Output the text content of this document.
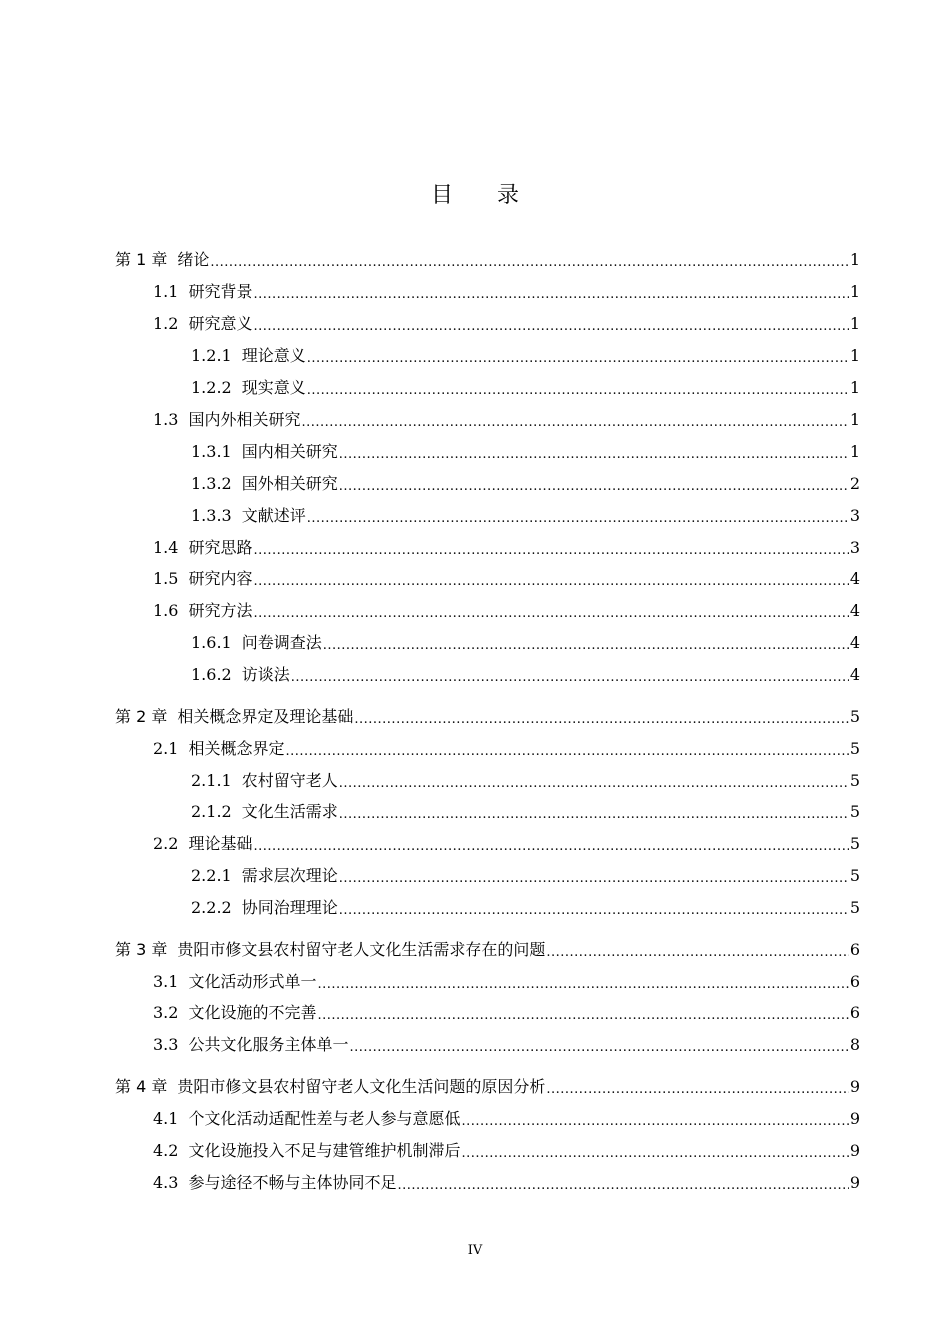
目录
第 1 章 绪论 .....	1
1.1 研究背景 .....	1
1.2 研究意义 .....	1
1.2.1 理论意义 .....	1
1.2.2 现实意义 .....	1
1.3 国内外相关研究 .....	1
1.3.1 国内相关研究 .....	1
1.3.2 国外相关研究 .....	2
1.3.3 文献述评 .....	3
1.4 研究思路 .....	3
1.5 研究内容 .....	4
1.6 研究方法 .....	4
1.6.1 问卷调查法 .....	4
1.6.2 访谈法 .....	4
第 2 章 相关概念界定及理论基础 .....	5
2.1 相关概念界定 .....	5
2.1.1 农村留守老人 .....	5
2.1.2 文化生活需求 .....	5
2.2 理论基础 .....	5
2.2.1 需求层次理论 .....	5
2.2.2 协同治理理论 .....	5
第 3 章 贵阳市修文县农村留守老人文化生活需求存在的问题 .....	6
3.1 文化活动形式单一 .....	6
3.2 文化设施的不完善 .....	6
3.3 公共文化服务主体单一 .....	8
第 4 章 贵阳市修文县农村留守老人文化生活问题的原因分析 .....	9
4.1 个文化活动适配性差与老人参与意愿低 .....	9
4.2 文化设施投入不足与建管维护机制滞后 .....	9
4.3 参与途径不畅与主体协同不足 .....	9
IV
